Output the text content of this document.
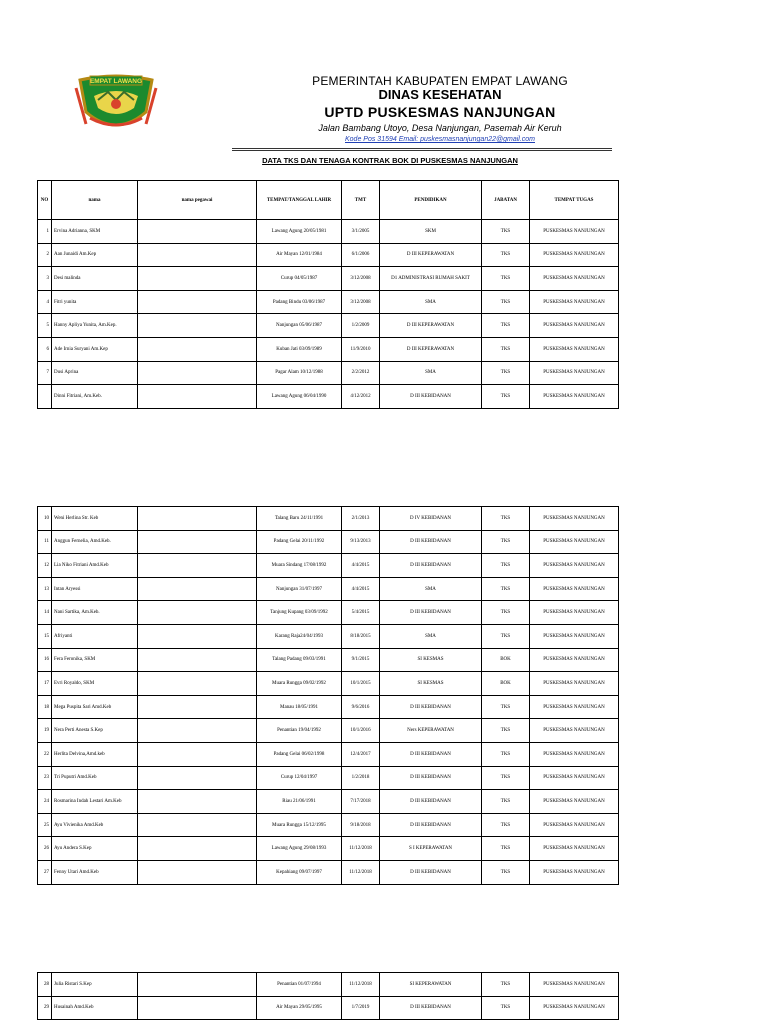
EMPAT LAWANG	PEMERINTAH KABUPATEN EMPAT LAWANG
DINAS KESEHATAN
UPTD PUSKESMAS NANJUNGAN
Jalan Bambang Utoyo, Desa Nanjungan, Pasemah Air Keruh
Kode Pos 31594 Email: puskesmasnanjungan22@gmail.com
DATA TKS DAN TENAGA KONTRAK BOK DI PUSKESMAS NANJUNGAN
NO	nama	nama pegawai	TEMPAT/TANGGAL LAHIR	TMT	PENDIDIKAN	JABATAN	TEMPAT TUGAS
1	Ervina Adrianna, SKM		Lawang Agung 20/05/1981	3/1/2005	SKM	TKS	PUSKESMAS NANJUNGAN
2	Aan Junaidi Am.Kep		Air Mayan 12/01/1984	6/1/2006	D III KEPERAWATAN	TKS	PUSKESMAS NANJUNGAN
3	Desi malinda		Curup 04/05/1987	3/12/2008	D1 ADMINISTRASI RUMAH SAKIT	TKS	PUSKESMAS NANJUNGAN
4	Fitri yunita		Padang Bindu 03/06/1987	3/12/2008	SMA	TKS	PUSKESMAS NANJUNGAN
5	Hanny Apliya Yunita, Am.Kep.		Nanjungan 05/06/1987	1/2/2009	D III KEPERAWATAN	TKS	PUSKESMAS NANJUNGAN
6	Ade Irnia Suryani Am.Kep		Kuban Jati 03/09/1989	11/9/2010	D III KEPERAWATAN	TKS	PUSKESMAS NANJUNGAN
7	Dusi Aprina		Pagar Alam 10/12/1988	2/2/2012	SMA	TKS	PUSKESMAS NANJUNGAN
	Dinni Fitriani, Am.Keb.		Lawang Agung 06/04/1990	4/12/2012	D III KEBIDANAN	TKS	PUSKESMAS NANJUNGAN
10	Weni Herlina Str. Keb		Talang Baru 24/11/1991	2/1/2013	D IV KEBIDANAN	TKS	PUSKESMAS NANJUNGAN
11	Anggun Fernelia, Amd.Keb.		Padang Gelai 20/11/1992	9/13/2013	D III KEBIDANAN	TKS	PUSKESMAS NANJUNGAN
12	Lia Niko Fitriani Amd.Keb		Muara Sindang 17/08/1992	4/4/2015	D III KEBIDANAN	TKS	PUSKESMAS NANJUNGAN
13	Intan Aryessi		Nanjungan 31/07/1997	4/4/2015	SMA	TKS	PUSKESMAS NANJUNGAN
14	Nani Sartika, Am.Keb.		Tanjung Kupang 03/09/1992	5/4/2015	D III KEBIDANAN	TKS	PUSKESMAS NANJUNGAN
15	Afriyanti		Karang Raja24/04/1993	8/18/2015	SMA	TKS	PUSKESMAS NANJUNGAN
16	Fera Feronika, SKM		Talang Padang 09/03/1991	9/1/2015	SI KESMAS	BOK	PUSKESMAS NANJUNGAN
17	Evri Royaldo, SKM		Muara Rungga 09/02/1992	10/1/2015	SI KESMAS	BOK	PUSKESMAS NANJUNGAN
18	Mega Puspita Sari Amd.Keb		Manau 18/05/1991	9/6/2016	D III KEBIDANAN	TKS	PUSKESMAS NANJUNGAN
19	Nera Perti Anesta S.Kep		Penantian 19/04/1992	10/1/2016	Ners KEPERAWATAN	TKS	PUSKESMAS NANJUNGAN
22	Herlita Delvina,Amd.keb		Padang Gelai 06/02/1998	12/4/2017	D III KEBIDANAN	TKS	PUSKESMAS NANJUNGAN
23	Tri Puputri Amd.Keb		Curup 12/04/1997	1/2/2018	D III KEBIDANAN	TKS	PUSKESMAS NANJUNGAN
24	Rosmarina Indah Lestari Am.Keb		Riau 21/06/1991	7/17/2018	D III KEBIDANAN	TKS	PUSKESMAS NANJUNGAN
25	Ayu Vivienika Amd.Keb		Muara Rungga 15/12/1995	9/18/2018	D III KEBIDANAN	TKS	PUSKESMAS NANJUNGAN
26	Ayu Andera S.Kep		Lawang Agung 29/08/1993	11/12/2018	S I KEPERAWATAN	TKS	PUSKESMAS NANJUNGAN
27	Fenny Utari Amd.Keb		Kepahiang 09/07/1997	11/12/2018	D III KEBIDANAN	TKS	PUSKESMAS NANJUNGAN
28	Julia Ristari S.Kep		Penantian 01/07/1994	11/12/2018	SI KEPERAWATAN	TKS	PUSKESMAS NANJUNGAN
29	Husainah Amd.Keb		Air Mayan 29/05/1995	1/7/2019	D III KEBIDANAN	TKS	PUSKESMAS NANJUNGAN
